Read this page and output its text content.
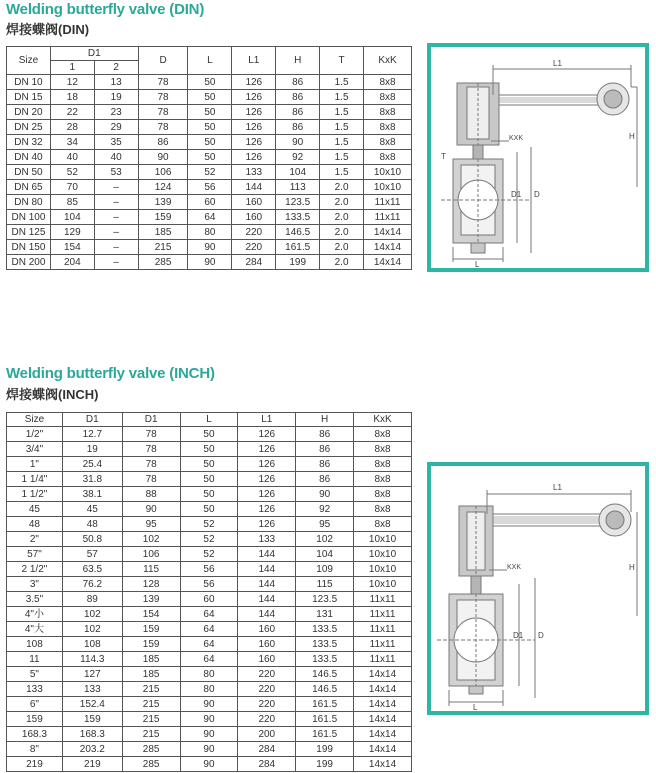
Welding butterfly valve (DIN)
焊接蝶阀(DIN)
Size	D1		D	L	L1	H	T	KxK
	1	2						
DN 10	12	13	78	50	126	86	1.5	8x8
DN 15	18	19	78	50	126	86	1.5	8x8
DN 20	22	23	78	50	126	86	1.5	8x8
DN 25	28	29	78	50	126	86	1.5	8x8
DN 32	34	35	86	50	126	90	1.5	8x8
DN 40	40	40	90	50	126	92	1.5	8x8
DN 50	52	53	106	52	133	104	1.5	10x10
DN 65	70	–	124	56	144	113	2.0	10x10
DN 80	85	–	139	60	160	123.5	2.0	11x11
DN 100	104	–	159	64	160	133.5	2.0	11x11
DN 125	129	–	185	80	220	146.5	2.0	14x14
DN 150	154	–	215	90	220	161.5	2.0	14x14
DN 200	204	–	285	90	284	199	2.0	14x14
L1
H
KXK
D1 D
L
T
Welding butterfly valve (INCH)
焊接蝶阀(INCH)
Size	D1	D1	L	L1	H	KxK
1/2"	12.7	78	50	126	86	8x8
3/4"	19	78	50	126	86	8x8
1"	25.4	78	50	126	86	8x8
1 1/4"	31.8	78	50	126	86	8x8
1 1/2"	38.1	88	50	126	90	8x8
45	45	90	50	126	92	8x8
48	48	95	52	126	95	8x8
2"	50.8	102	52	133	102	10x10
57"	57	106	52	144	104	10x10
2 1/2"	63.5	115	56	144	109	10x10
3"	76.2	128	56	144	115	10x10
3.5"	89	139	60	144	123.5	11x11
4"小	102	154	64	144	131	11x11
4"大	102	159	64	160	133.5	11x11
108	108	159	64	160	133.5	11x11
11	114.3	185	64	160	133.5	11x11
5"	127	185	80	220	146.5	14x14
133	133	215	80	220	146.5	14x14
6"	152.4	215	90	220	161.5	14x14
159	159	215	90	220	161.5	14x14
168.3	168.3	215	90	200	161.5	14x14
8"	203.2	285	90	284	199	14x14
219	219	285	90	284	199	14x14
L1
H
KXK
D1 D
L
